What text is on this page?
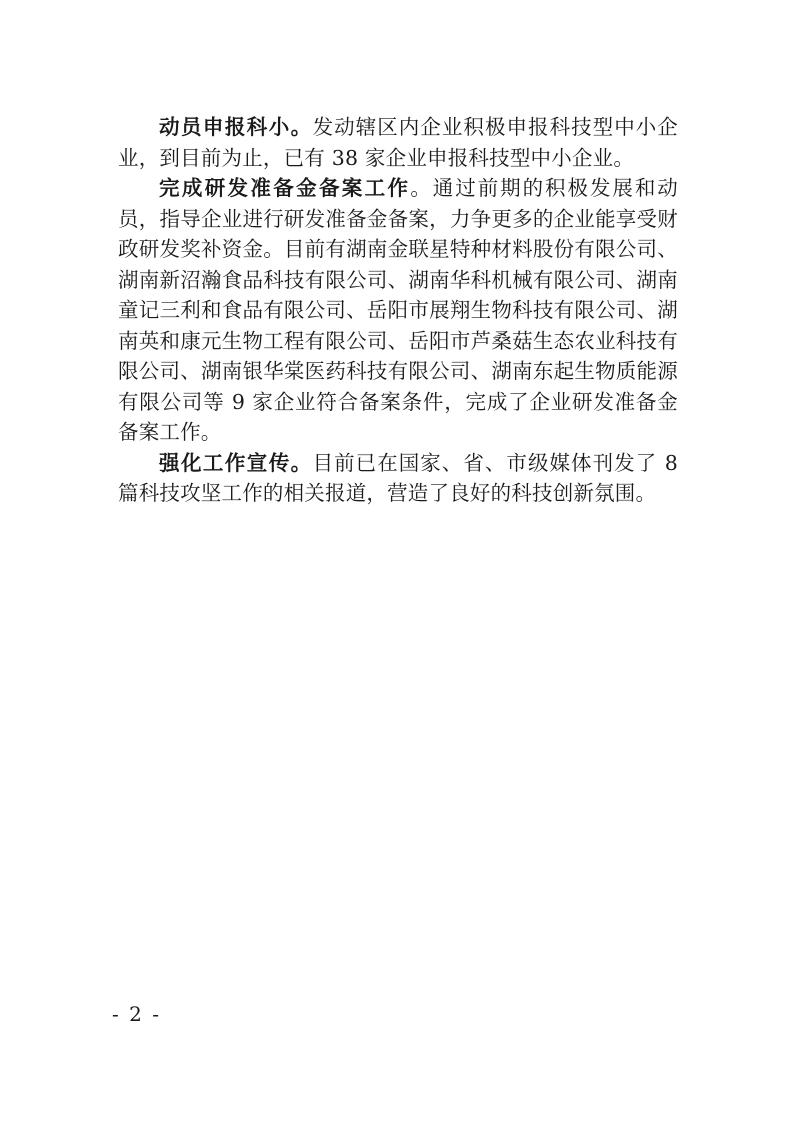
动员申报科小。发动辖区内企业积极申报科技型中小企业，到目前为止，已有 38 家企业申报科技型中小企业。

完成研发准备金备案工作。通过前期的积极发展和动员，指导企业进行研发准备金备案，力争更多的企业能享受财政研发奖补资金。目前有湖南金联星特种材料股份有限公司、湖南新沼瀚食品科技有限公司、湖南华科机械有限公司、湖南童记三利和食品有限公司、岳阳市展翔生物科技有限公司、湖南英和康元生物工程有限公司、岳阳市芦桑菇生态农业科技有限公司、湖南银华棠医药科技有限公司、湖南东起生物质能源有限公司等 9 家企业符合备案条件，完成了企业研发准备金备案工作。

强化工作宣传。目前已在国家、省、市级媒体刊发了 8 篇科技攻坚工作的相关报道，营造了良好的科技创新氛围。

- 2 -
